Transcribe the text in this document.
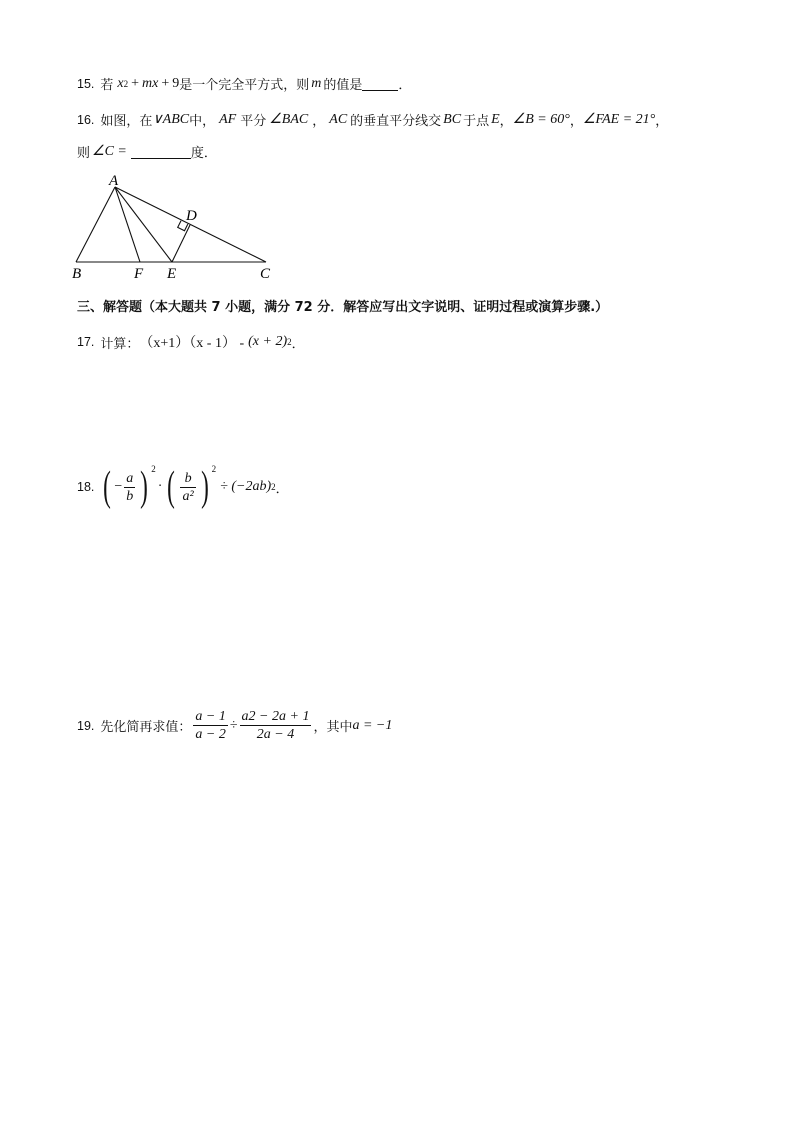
15. 若 x 2 + mx + 9 是一个完全平方式，则 m 的值是	．
16. 如图，在 ∨ABC 中， AF 平分 ∠BAC ， AC 的垂直平分线交 BC 于点 E ， ∠B = 60° ， ∠FAE = 21° ，
则 ∠C =	度．
A
D
B	F E	C
三、解答题（本大题共 7 小题，满分 72 分．解答应写出文字说明、证明过程或演算步骤.）
17. 计算： （x+1）（x - 1） - (x + 2) 2 ．
18. ( − $\frac{a}{b}$ ) 2
· ( $\frac{b}{\text{a²}}$ ) 2
÷ (−2ab) 2 ．
19. 先化简再求值： $\frac{a - 1}{a - 2} \div \frac{a2 - 2a + 1}{2a - 4}$ ，其中 a = −1
